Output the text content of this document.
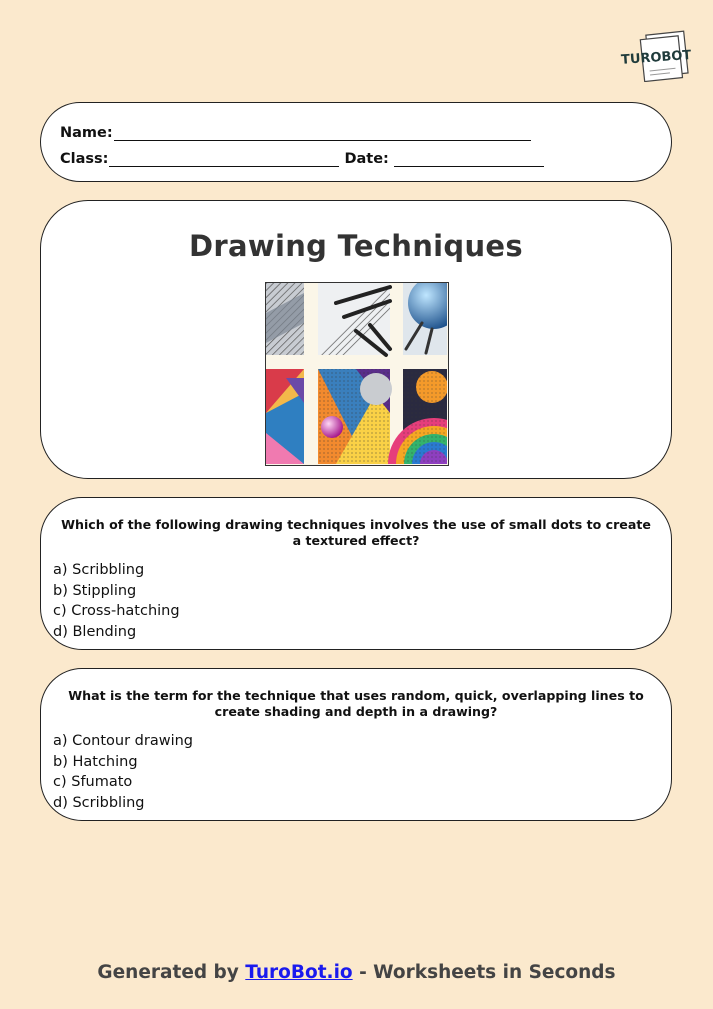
TUROBOT
Name:
Class:	Date:
Drawing Techniques
Which of the following drawing techniques involves the use of small dots to create a textured effect?
a) Scribbling
b) Stippling
c) Cross-hatching
d) Blending
What is the term for the technique that uses random, quick, overlapping lines to create shading and depth in a drawing?
a) Contour drawing
b) Hatching
c) Sfumato
d) Scribbling
Generated by TuroBot.io - Worksheets in Seconds
